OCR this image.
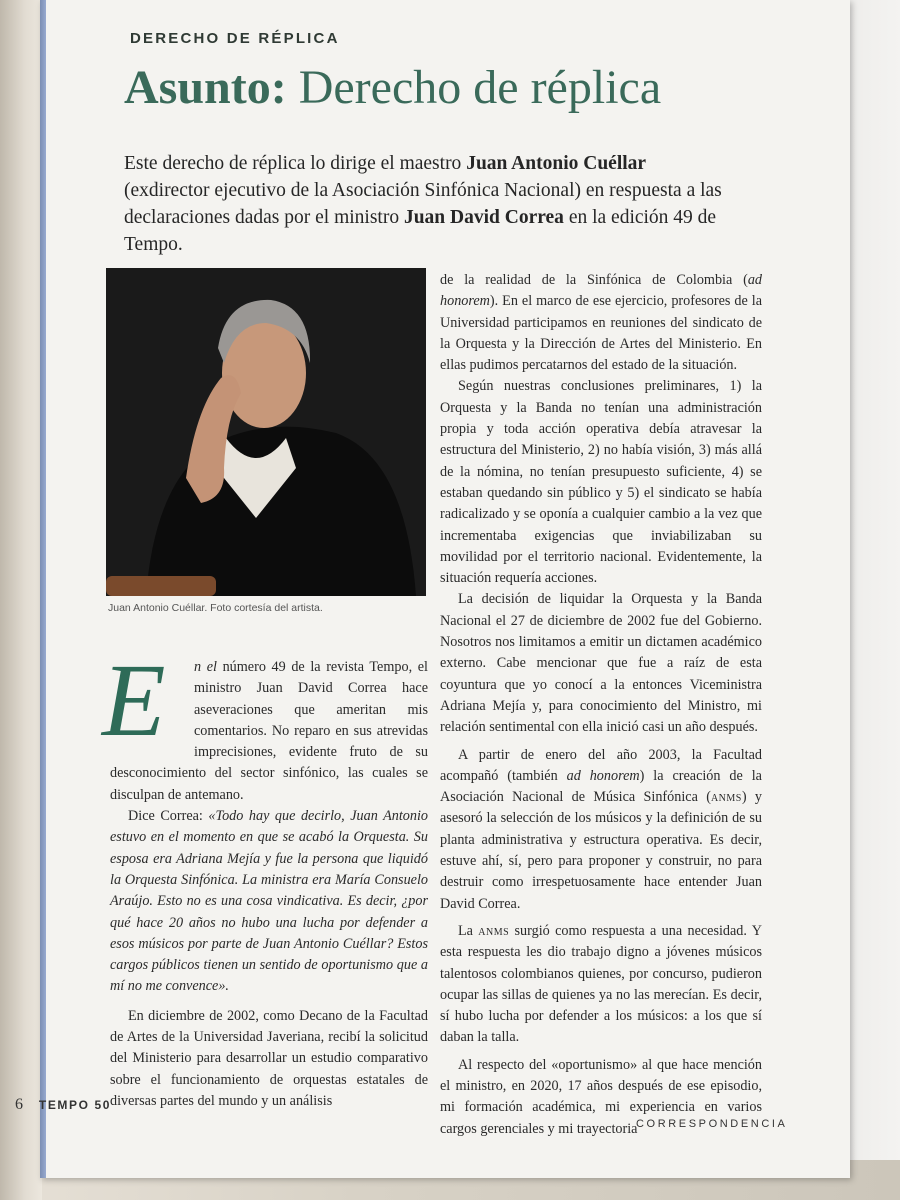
DERECHO DE RÉPLICA
Asunto: Derecho de réplica
Este derecho de réplica lo dirige el maestro Juan Antonio Cuéllar (exdirector ejecutivo de la Asociación Sinfónica Nacional) en respuesta a las declaraciones dadas por el ministro Juan David Correa en la edición 49 de Tempo.
Juan Antonio Cuéllar. Foto cortesía del artista.

E n el número 49 de la revista Tempo, el ministro Juan David Correa hace aseveraciones que ameritan mis comentarios. No reparo en sus atrevidas imprecisiones, evidente fruto de su desconocimiento del sector sinfónico, las cuales se disculpan de antemano.

Dice Correa: «Todo hay que decirlo, Juan Antonio estuvo en el momento en que se acabó la Orquesta. Su esposa era Adriana Mejía y fue la persona que liquidó la Orquesta Sinfónica. La ministra era María Consuelo Araújo. Esto no es una cosa vindicativa. Es decir, ¿por qué hace 20 años no hubo una lucha por defender a esos músicos por parte de Juan Antonio Cuéllar? Estos cargos públicos tienen un sentido de oportunismo que a mí no me convence».

En diciembre de 2002, como Decano de la Facultad de Artes de la Universidad Javeriana, recibí la solicitud del Ministerio para desarrollar un estudio comparativo sobre el funcionamiento de orquestas estatales de diversas partes del mundo y un análisis

de la realidad de la Sinfónica de Colombia (ad honorem). En el marco de ese ejercicio, profesores de la Universidad participamos en reuniones del sindicato de la Orquesta y la Dirección de Artes del Ministerio. En ellas pudimos percatarnos del estado de la situación.

Según nuestras conclusiones preliminares, 1) la Orquesta y la Banda no tenían una administración propia y toda acción operativa debía atravesar la estructura del Ministerio, 2) no había visión, 3) más allá de la nómina, no tenían presupuesto suficiente, 4) se estaban quedando sin público y 5) el sindicato se había radicalizado y se oponía a cualquier cambio a la vez que incrementaba exigencias que inviabilizaban su movilidad por el territorio nacional. Evidentemente, la situación requería acciones.

La decisión de liquidar la Orquesta y la Banda Nacional el 27 de diciembre de 2002 fue del Gobierno. Nosotros nos limitamos a emitir un dictamen académico externo. Cabe mencionar que fue a raíz de esta coyuntura que yo conocí a la entonces Viceministra Adriana Mejía y, para conocimiento del Ministro, mi relación sentimental con ella inició casi un año después.

A partir de enero del año 2003, la Facultad acompañó (también ad honorem) la creación de la Asociación Nacional de Música Sinfónica (anms) y asesoró la selección de los músicos y la definición de su planta administrativa y estructura operativa. Es decir, estuve ahí, sí, pero para proponer y construir, no para destruir como irrespetuosamente hace entender Juan David Correa.

La anms surgió como respuesta a una necesidad. Y esta respuesta les dio trabajo digno a jóvenes músicos talentosos colombianos quienes, por concurso, pudieron ocupar las sillas de quienes ya no las merecían. Es decir, sí hubo lucha por defender a los músicos: a los que sí daban la talla.

Al respecto del «oportunismo» al que hace mención el ministro, en 2020, 17 años después de ese episodio, mi formación académica, mi experiencia en varios cargos gerenciales y mi trayectoria

CORRESPONDENCIA
6 TEMPO 50
